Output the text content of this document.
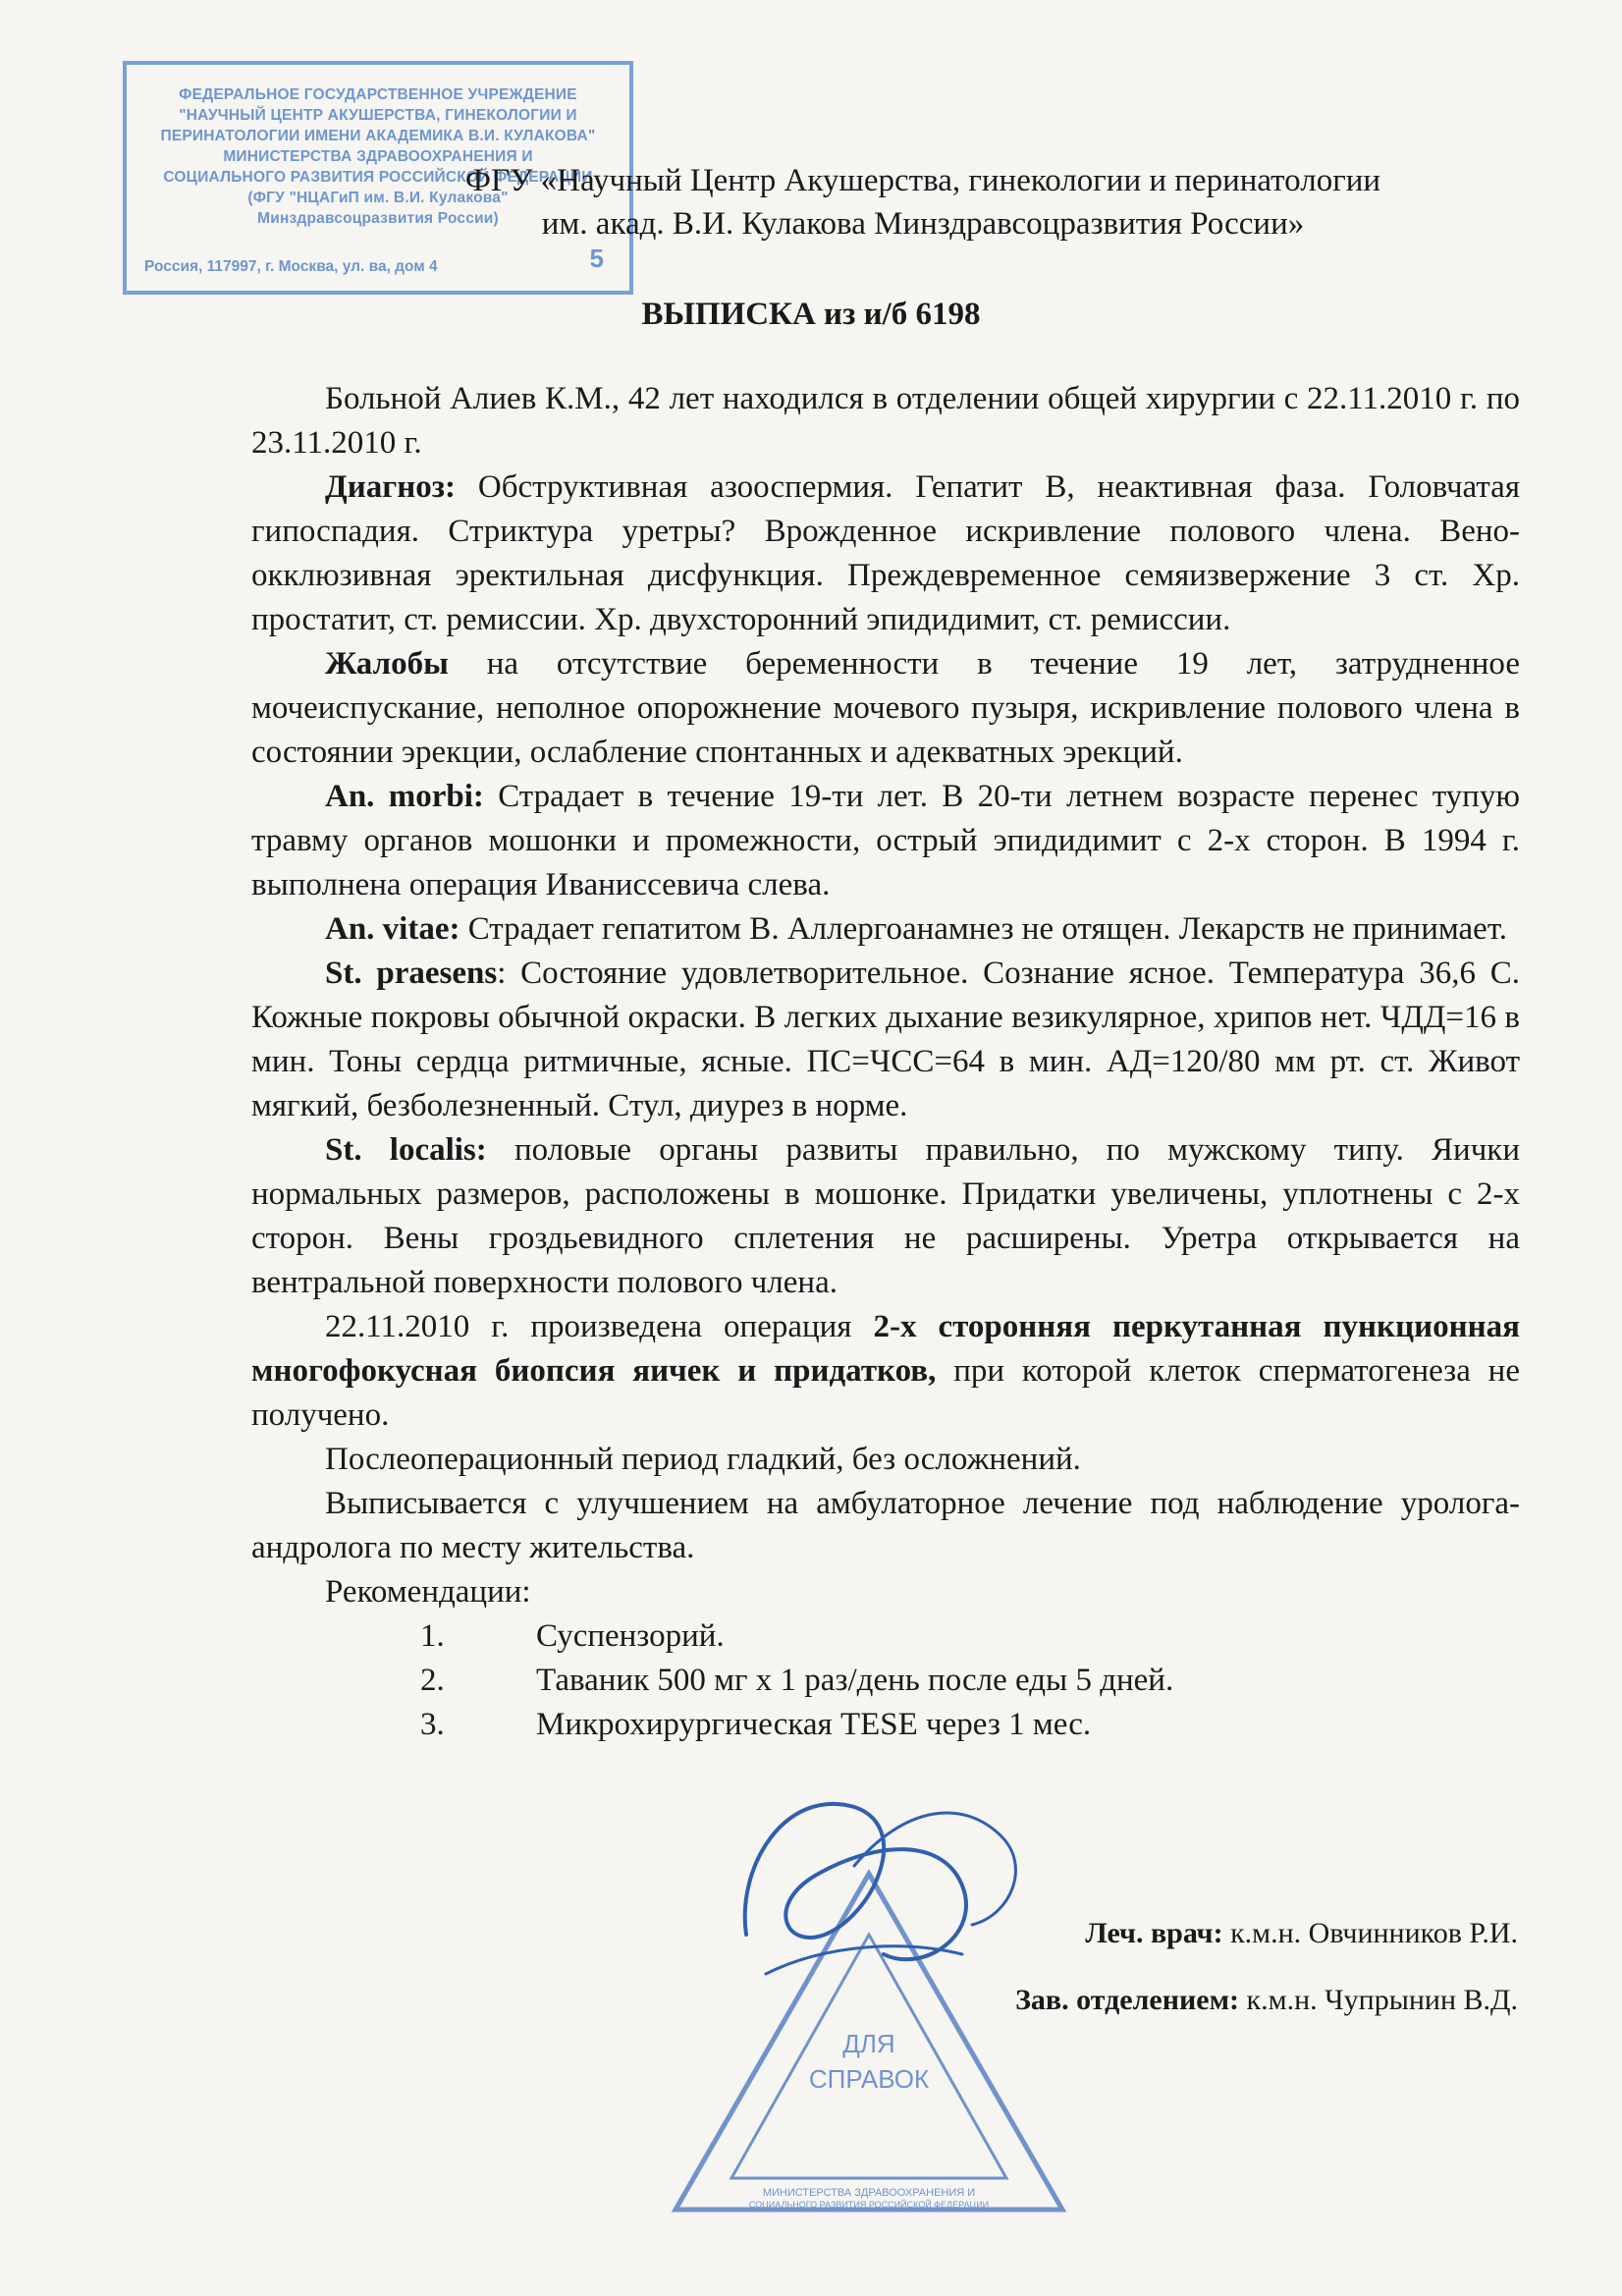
ФЕДЕРАЛЬНОЕ ГОСУДАРСТВЕННОЕ УЧРЕЖДЕНИЕ
"НАУЧНЫЙ ЦЕНТР АКУШЕРСТВА, ГИНЕКОЛОГИИ И
ПЕРИНАТОЛОГИИ ИМЕНИ АКАДЕМИКА В.И. КУЛАКОВА"
МИНИСТЕРСТВА ЗДРАВООХРАНЕНИЯ И
СОЦИАЛЬНОГО РАЗВИТИЯ РОССИЙСКОЙ ФЕДЕРАЦИИ
(ФГУ "НЦАГиП им. В.И. Кулакова"
Минздравсоцразвития России)
Россия, 117997, г. Москва, ул. ва, дом 4	5
ФГУ «Научный Центр Акушерства, гинекологии и перинатологии
им. акад. В.И. Кулакова Минздравсоцразвития России»
ВЫПИСКА из и/б 6198

Больной Алиев К.М., 42 лет находился в отделении общей хирургии с 22.11.2010 г. по 23.11.2010 г.

Диагноз: Обструктивная азооспермия. Гепатит В, неактивная фаза. Головчатая гипоспадия. Стриктура уретры? Врожденное искривление полового члена. Вено-окклюзивная эректильная дисфункция. Преждевременное семяизвержение 3 ст. Хр. простатит, ст. ремиссии. Хр. двухсторонний эпидидимит, ст. ремиссии.

Жалобы на отсутствие беременности в течение 19 лет, затрудненное мочеиспускание, неполное опорожнение мочевого пузыря, искривление полового члена в состоянии эрекции, ослабление спонтанных и адекватных эрекций.

An. morbi: Страдает в течение 19-ти лет. В 20-ти летнем возрасте перенес тупую травму органов мошонки и промежности, острый эпидидимит с 2-х сторон. В 1994 г. выполнена операция Иваниссевича слева.

An. vitae: Страдает гепатитом В. Аллергоанамнез не отящен. Лекарств не принимает.

St. praesens: Состояние удовлетворительное. Сознание ясное. Температура 36,6 С. Кожные покровы обычной окраски. В легких дыхание везикулярное, хрипов нет. ЧДД=16 в мин. Тоны сердца ритмичные, ясные. ПС=ЧСС=64 в мин. АД=120/80 мм рт. ст. Живот мягкий, безболезненный. Стул, диурез в норме.

St. localis: половые органы развиты правильно, по мужскому типу. Яички нормальных размеров, расположены в мошонке. Придатки увеличены, уплотнены с 2-х сторон. Вены гроздьевидного сплетения не расширены. Уретра открывается на вентральной поверхности полового члена.

22.11.2010 г. произведена операция 2-х сторонняя перкутанная пункционная многофокусная биопсия яичек и придатков, при которой клеток сперматогенеза не получено.

Послеоперационный период гладкий, без осложнений.

Выписывается с улучшением на амбулаторное лечение под наблюдение уролога-андролога по месту жительства.

Рекомендации:

1.	Суспензорий.
2.	Таваник 500 мг х 1 раз/день после еды 5 дней.
3.	Микрохирургическая TESE через 1 мес.
ДЛЯ
СПРАВОК
МИНИСТЕРСТВА ЗДРАВООХРАНЕНИЯ И
СОЦИАЛЬНОГО РАЗВИТИЯ РОССИЙСКОЙ ФЕДЕРАЦИИ
Леч. врач: к.м.н. Овчинников Р.И.
Зав. отделением: к.м.н. Чупрынин В.Д.
